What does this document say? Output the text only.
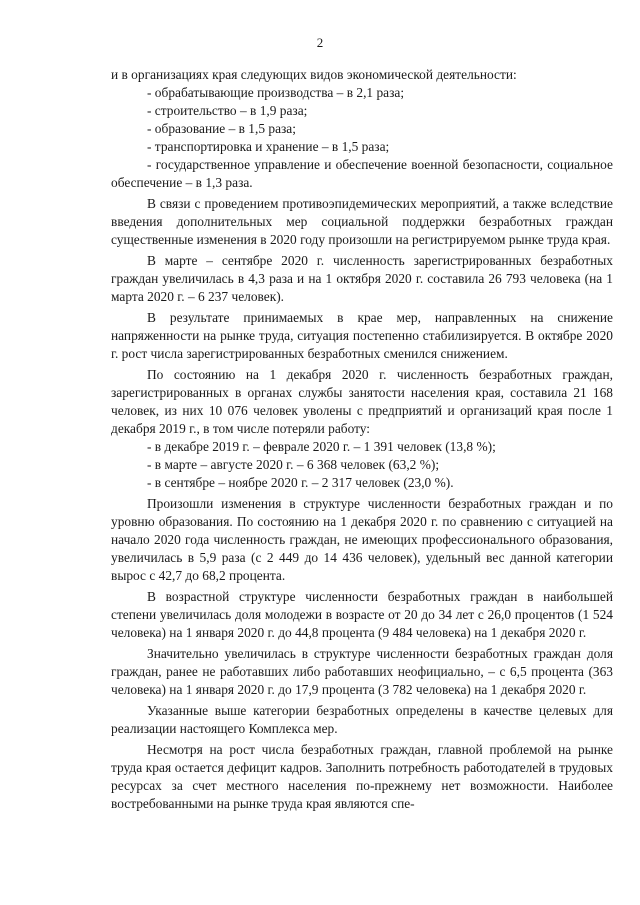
2

и в организациях края следующих видов экономической деятельности:

- обрабатывающие производства – в 2,1 раза;

- строительство – в 1,9 раза;

- образование – в 1,5 раза;

- транспортировка и хранение – в 1,5 раза;

- государственное управление и обеспечение военной безопасности, социальное обеспечение – в 1,3 раза.

В связи с проведением противоэпидемических мероприятий, а также вследствие введения дополнительных мер социальной поддержки безработных граждан существенные изменения в 2020 году произошли на регистрируемом рынке труда края.

В марте – сентябре 2020 г. численность зарегистрированных безработных граждан увеличилась в 4,3 раза и на 1 октября 2020 г. составила 26 793 человека (на 1 марта 2020 г. – 6 237 человек).

В результате принимаемых в крае мер, направленных на снижение напряженности на рынке труда, ситуация постепенно стабилизируется. В октябре 2020 г. рост числа зарегистрированных безработных сменился снижением.

По состоянию на 1 декабря 2020 г. численность безработных граждан, зарегистрированных в органах службы занятости населения края, составила 21 168 человек, из них 10 076 человек уволены с предприятий и организаций края после 1 декабря 2019 г., в том числе потеряли работу:

- в декабре 2019 г. – феврале 2020 г. – 1 391 человек (13,8 %);

- в марте – августе 2020 г. – 6 368 человек (63,2 %);

- в сентябре – ноябре 2020 г. – 2 317 человек (23,0 %).

Произошли изменения в структуре численности безработных граждан и по уровню образования. По состоянию на 1 декабря 2020 г. по сравнению с ситуацией на начало 2020 года численность граждан, не имеющих профессионального образования, увеличилась в 5,9 раза (с 2 449 до 14 436 человек), удельный вес данной категории вырос с 42,7 до 68,2 процента.

В возрастной структуре численности безработных граждан в наибольшей степени увеличилась доля молодежи в возрасте от 20 до 34 лет с 26,0 процентов (1 524 человека) на 1 января 2020 г. до 44,8 процента (9 484 человека) на 1 декабря 2020 г.

Значительно увеличилась в структуре численности безработных граждан доля граждан, ранее не работавших либо работавших неофициально, – с 6,5 процента (363 человека) на 1 января 2020 г. до 17,9 процента (3 782 человека) на 1 декабря 2020 г.

Указанные выше категории безработных определены в качестве целевых для реализации настоящего Комплекса мер.

Несмотря на рост числа безработных граждан, главной проблемой на рынке труда края остается дефицит кадров. Заполнить потребность работодателей в трудовых ресурсах за счет местного населения по-прежнему нет возможности. Наиболее востребованными на рынке труда края являются спе-
